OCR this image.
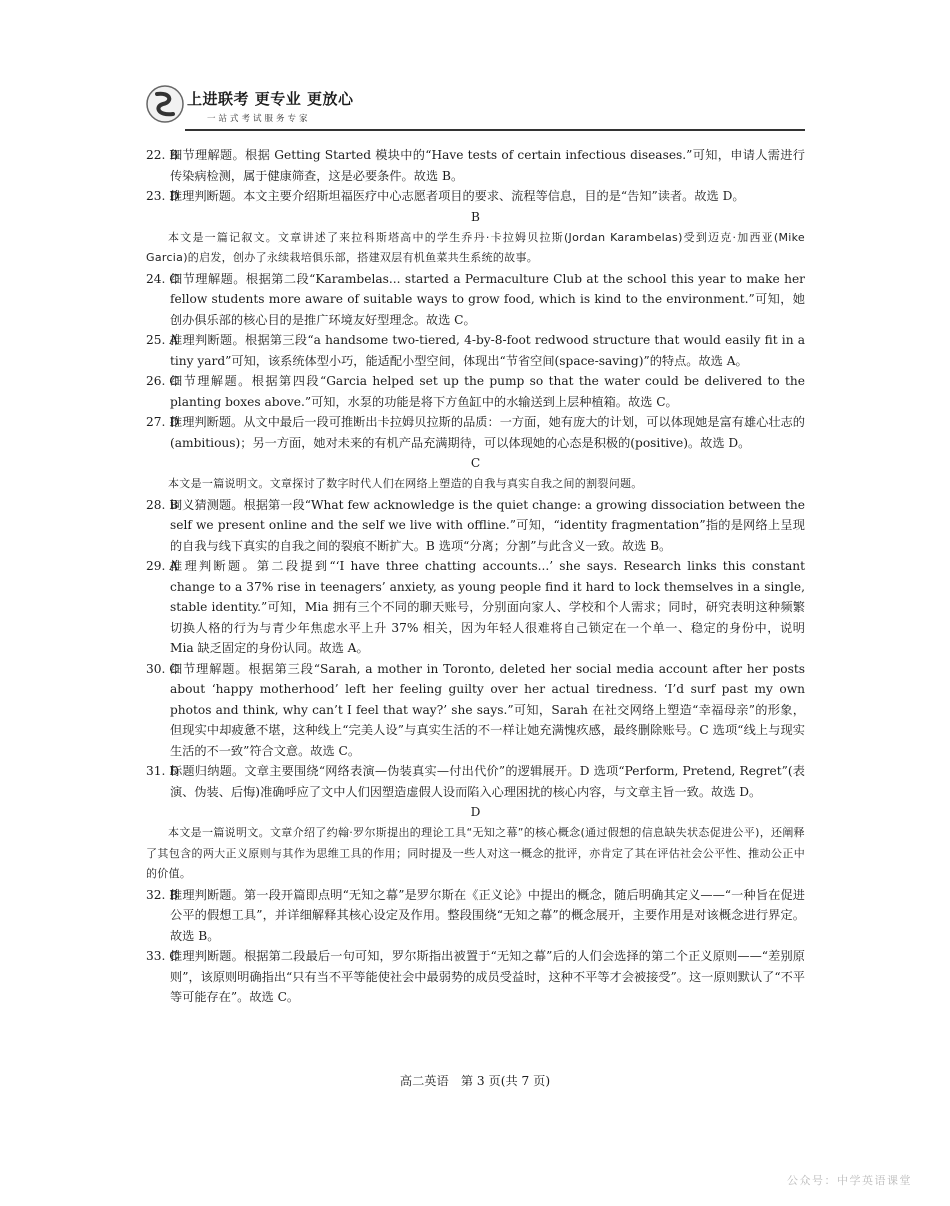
上进联考 更专业 更放心
一站式考试服务专家
22. B
细节理解题。根据 Getting Started 模块中的“Have tests of certain infectious diseases.”可知，申请人需进行传染病检测，属于健康筛查，这是必要条件。故选 B。
23. D
推理判断题。本文主要介绍斯坦福医疗中心志愿者项目的要求、流程等信息，目的是“告知”读者。故选 D。

B

本文是一篇记叙文。文章讲述了来拉科斯塔高中的学生乔丹·卡拉姆贝拉斯(Jordan Karambelas)受到迈克·加西亚(Mike Garcia)的启发，创办了永续栽培俱乐部，搭建双层有机鱼菜共生系统的故事。

24. C
细节理解题。根据第二段“Karambelas... started a Permaculture Club at the school this year to make her fellow students more aware of suitable ways to grow food, which is kind to the environment.”可知，她创办俱乐部的核心目的是推广环境友好型理念。故选 C。
25. A
推理判断题。根据第三段“a handsome two-tiered, 4-by-8-foot redwood structure that would easily fit in a tiny yard”可知，该系统体型小巧，能适配小型空间，体现出“节省空间(space-saving)”的特点。故选 A。
26. C
细节理解题。根据第四段“Garcia helped set up the pump so that the water could be delivered to the planting boxes above.”可知，水泵的功能是将下方鱼缸中的水输送到上层种植箱。故选 C。
27. D
推理判断题。从文中最后一段可推断出卡拉姆贝拉斯的品质：一方面，她有庞大的计划，可以体现她是富有雄心壮志的(ambitious)；另一方面，她对未来的有机产品充满期待，可以体现她的心态是积极的(positive)。故选 D。

C

本文是一篇说明文。文章探讨了数字时代人们在网络上塑造的自我与真实自我之间的割裂问题。

28. B
词义猜测题。根据第一段“What few acknowledge is the quiet change: a growing dissociation between the self we present online and the self we live with offline.”可知，“identity fragmentation”指的是网络上呈现的自我与线下真实的自我之间的裂痕不断扩大。B 选项“分离；分割”与此含义一致。故选 B。
29. A
推理判断题。第二段提到“‘I have three chatting accounts...’ she says. Research links this constant change to a 37% rise in teenagers’ anxiety, as young people find it hard to lock themselves in a single, stable identity.”可知，Mia 拥有三个不同的聊天账号，分别面向家人、学校和个人需求；同时，研究表明这种频繁切换人格的行为与青少年焦虑水平上升 37% 相关，因为年轻人很难将自己锁定在一个单一、稳定的身份中，说明 Mia 缺乏固定的身份认同。故选 A。
30. C
细节理解题。根据第三段“Sarah, a mother in Toronto, deleted her social media account after her posts about ‘happy motherhood’ left her feeling guilty over her actual tiredness. ‘I’d surf past my own photos and think, why can’t I feel that way?’ she says.”可知，Sarah 在社交网络上塑造“幸福母亲”的形象，但现实中却疲惫不堪，这种线上“完美人设”与真实生活的不一样让她充满愧疚感，最终删除账号。C 选项“线上与现实生活的不一致”符合文意。故选 C。
31. D
标题归纳题。文章主要围绕“网络表演—伪装真实—付出代价”的逻辑展开。D 选项“Perform, Pretend, Regret”(表演、伪装、后悔)准确呼应了文中人们因塑造虚假人设而陷入心理困扰的核心内容，与文章主旨一致。故选 D。

D

本文是一篇说明文。文章介绍了约翰·罗尔斯提出的理论工具“无知之幕”的核心概念(通过假想的信息缺失状态促进公平)，还阐释了其包含的两大正义原则与其作为思维工具的作用；同时提及一些人对这一概念的批评，亦肯定了其在评估社会公平性、推动公正中的价值。

32. B
推理判断题。第一段开篇即点明“无知之幕”是罗尔斯在《正义论》中提出的概念，随后明确其定义——“一种旨在促进公平的假想工具”，并详细解释其核心设定及作用。整段围绕“无知之幕”的概念展开，主要作用是对该概念进行界定。故选 B。
33. C
推理判断题。根据第二段最后一句可知，罗尔斯指出被置于“无知之幕”后的人们会选择的第二个正义原则——“差别原则”，该原则明确指出“只有当不平等能使社会中最弱势的成员受益时，这种不平等才会被接受”。这一原则默认了“不平等可能存在”。故选 C。
高二英语　第 3 页(共 7 页)
公众号：中学英语课堂
